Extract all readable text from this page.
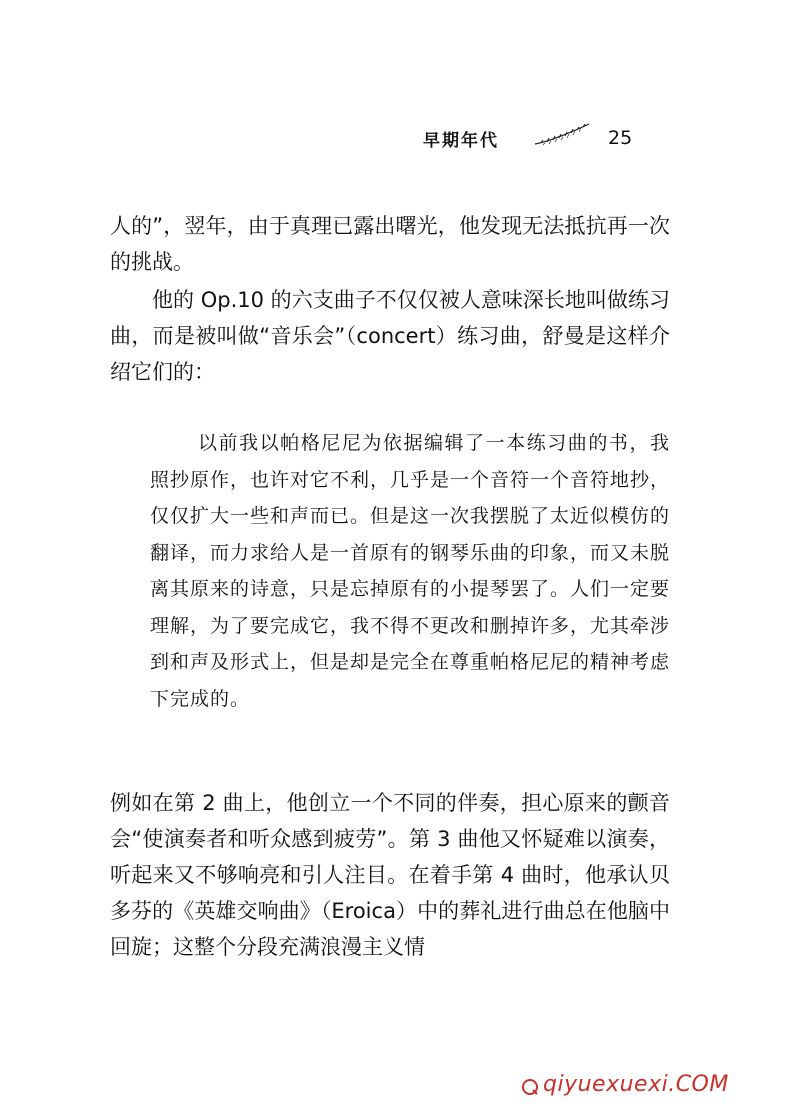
早期年代	25

人的”，翌年，由于真理已露出曙光，他发现无法抵抗再一次的挑战。

他的 Op.10 的六支曲子不仅仅被人意味深长地叫做练习曲，而是被叫做“音乐会”（concert）练习曲，舒曼是这样介绍它们的：

以前我以帕格尼尼为依据编辑了一本练习曲的书，我照抄原作，也许对它不利，几乎是一个音符一个音符地抄，仅仅扩大一些和声而已。但是这一次我摆脱了太近似模仿的翻译，而力求给人是一首原有的钢琴乐曲的印象，而又未脱离其原来的诗意，只是忘掉原有的小提琴罢了。人们一定要理解，为了要完成它，我不得不更改和删掉许多，尤其牵涉到和声及形式上，但是却是完全在尊重帕格尼尼的精神考虑下完成的。

例如在第 2 曲上，他创立一个不同的伴奏，担心原来的颤音会“使演奏者和听众感到疲劳”。第 3 曲他又怀疑难以演奏，听起来又不够响亮和引人注目。在着手第 4 曲时，他承认贝多芬的《英雄交响曲》（Eroica）中的葬礼进行曲总在他脑中回旋；这整个分段充满浪漫主义情

qiyuexuexi.COM
